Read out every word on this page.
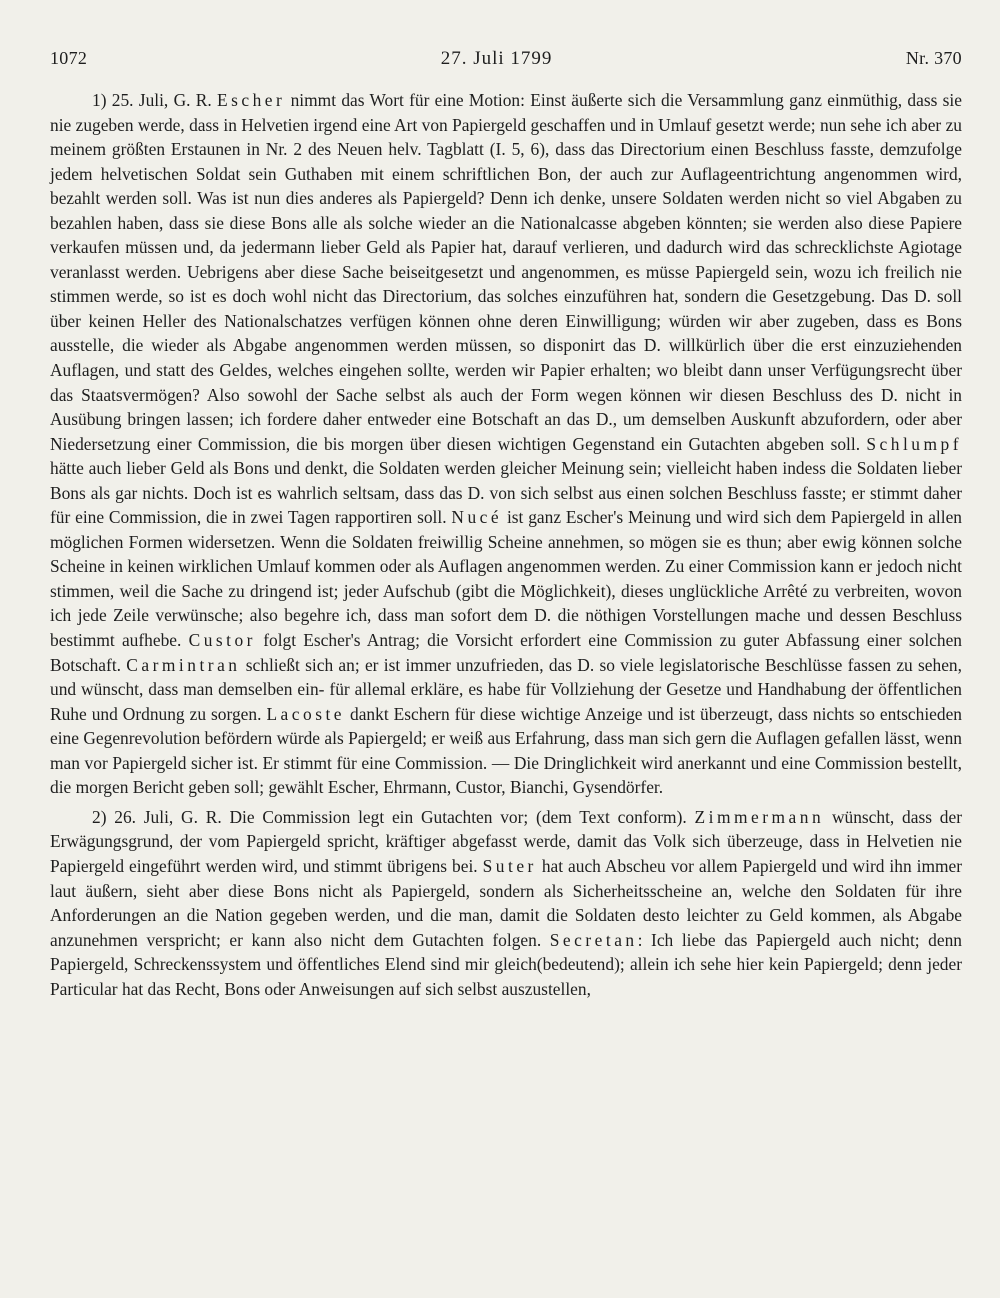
1072	27. Juli 1799	Nr. 370

1) 25. Juli, G. R. Escher nimmt das Wort für eine Motion: Einst äußerte sich die Versammlung ganz einmüthig, dass sie nie zugeben werde, dass in Helvetien irgend eine Art von Papiergeld geschaffen und in Umlauf gesetzt werde; nun sehe ich aber zu meinem größten Erstaunen in Nr. 2 des Neuen helv. Tagblatt (I. 5, 6), dass das Directorium einen Beschluss fasste, demzufolge jedem helvetischen Soldat sein Guthaben mit einem schriftlichen Bon, der auch zur Auflageentrichtung angenommen wird, bezahlt werden soll. Was ist nun dies anderes als Papiergeld? Denn ich denke, unsere Soldaten werden nicht so viel Abgaben zu bezahlen haben, dass sie diese Bons alle als solche wieder an die Nationalcasse abgeben könnten; sie werden also diese Papiere verkaufen müssen und, da jedermann lieber Geld als Papier hat, darauf verlieren, und dadurch wird das schrecklichste Agiotage veranlasst werden. Uebrigens aber diese Sache beiseitgesetzt und angenommen, es müsse Papiergeld sein, wozu ich freilich nie stimmen werde, so ist es doch wohl nicht das Directorium, das solches einzuführen hat, sondern die Gesetzgebung. Das D. soll über keinen Heller des Nationalschatzes verfügen können ohne deren Einwilligung; würden wir aber zugeben, dass es Bons ausstelle, die wieder als Abgabe angenommen werden müssen, so disponirt das D. willkürlich über die erst einzuziehenden Auflagen, und statt des Geldes, welches eingehen sollte, werden wir Papier erhalten; wo bleibt dann unser Verfügungsrecht über das Staatsvermögen? Also sowohl der Sache selbst als auch der Form wegen können wir diesen Beschluss des D. nicht in Ausübung bringen lassen; ich fordere daher entweder eine Botschaft an das D., um demselben Auskunft abzufordern, oder aber Niedersetzung einer Commission, die bis morgen über diesen wichtigen Gegenstand ein Gutachten abgeben soll. Schlumpf hätte auch lieber Geld als Bons und denkt, die Soldaten werden gleicher Meinung sein; vielleicht haben indess die Soldaten lieber Bons als gar nichts. Doch ist es wahrlich seltsam, dass das D. von sich selbst aus einen solchen Beschluss fasste; er stimmt daher für eine Commission, die in zwei Tagen rapportiren soll. Nucé ist ganz Escher's Meinung und wird sich dem Papiergeld in allen möglichen Formen widersetzen. Wenn die Soldaten freiwillig Scheine annehmen, so mögen sie es thun; aber ewig können solche Scheine in keinen wirklichen Umlauf kommen oder als Auflagen angenommen werden. Zu einer Commission kann er jedoch nicht stimmen, weil die Sache zu dringend ist; jeder Aufschub (gibt die Möglichkeit), dieses unglückliche Arrêté zu verbreiten, wovon ich jede Zeile verwünsche; also begehre ich, dass man sofort dem D. die nöthigen Vorstellungen mache und dessen Beschluss bestimmt aufhebe. Custor folgt Escher's Antrag; die Vorsicht erfordert eine Commission zu guter Abfassung einer solchen Botschaft. Carmintran schließt sich an; er ist immer unzufrieden, das D. so viele legislatorische Beschlüsse fassen zu sehen, und wünscht, dass man demselben ein- für allemal erkläre, es habe für Vollziehung der Gesetze und Handhabung der öffentlichen Ruhe und Ordnung zu sorgen. Lacoste dankt Eschern für diese wichtige Anzeige und ist überzeugt, dass nichts so entschieden eine Gegenrevolution befördern würde als Papiergeld; er weiß aus Erfahrung, dass man sich gern die Auflagen gefallen lässt, wenn man vor Papiergeld sicher ist. Er stimmt für eine Commission. — Die Dringlichkeit wird anerkannt und eine Commission bestellt, die morgen Bericht geben soll; gewählt Escher, Ehrmann, Custor, Bianchi, Gysendörfer.

2) 26. Juli, G. R. Die Commission legt ein Gutachten vor; (dem Text conform). Zimmermann wünscht, dass der Erwägungsgrund, der vom Papiergeld spricht, kräftiger abgefasst werde, damit das Volk sich überzeuge, dass in Helvetien nie Papiergeld eingeführt werden wird, und stimmt übrigens bei. Suter hat auch Abscheu vor allem Papiergeld und wird ihn immer laut äußern, sieht aber diese Bons nicht als Papiergeld, sondern als Sicherheitsscheine an, welche den Soldaten für ihre Anforderungen an die Nation gegeben werden, und die man, damit die Soldaten desto leichter zu Geld kommen, als Abgabe anzunehmen verspricht; er kann also nicht dem Gutachten folgen. Secretan: Ich liebe das Papiergeld auch nicht; denn Papiergeld, Schreckenssystem und öffentliches Elend sind mir gleich(bedeutend); allein ich sehe hier kein Papiergeld; denn jeder Particular hat das Recht, Bons oder Anweisungen auf sich selbst auszustellen,
